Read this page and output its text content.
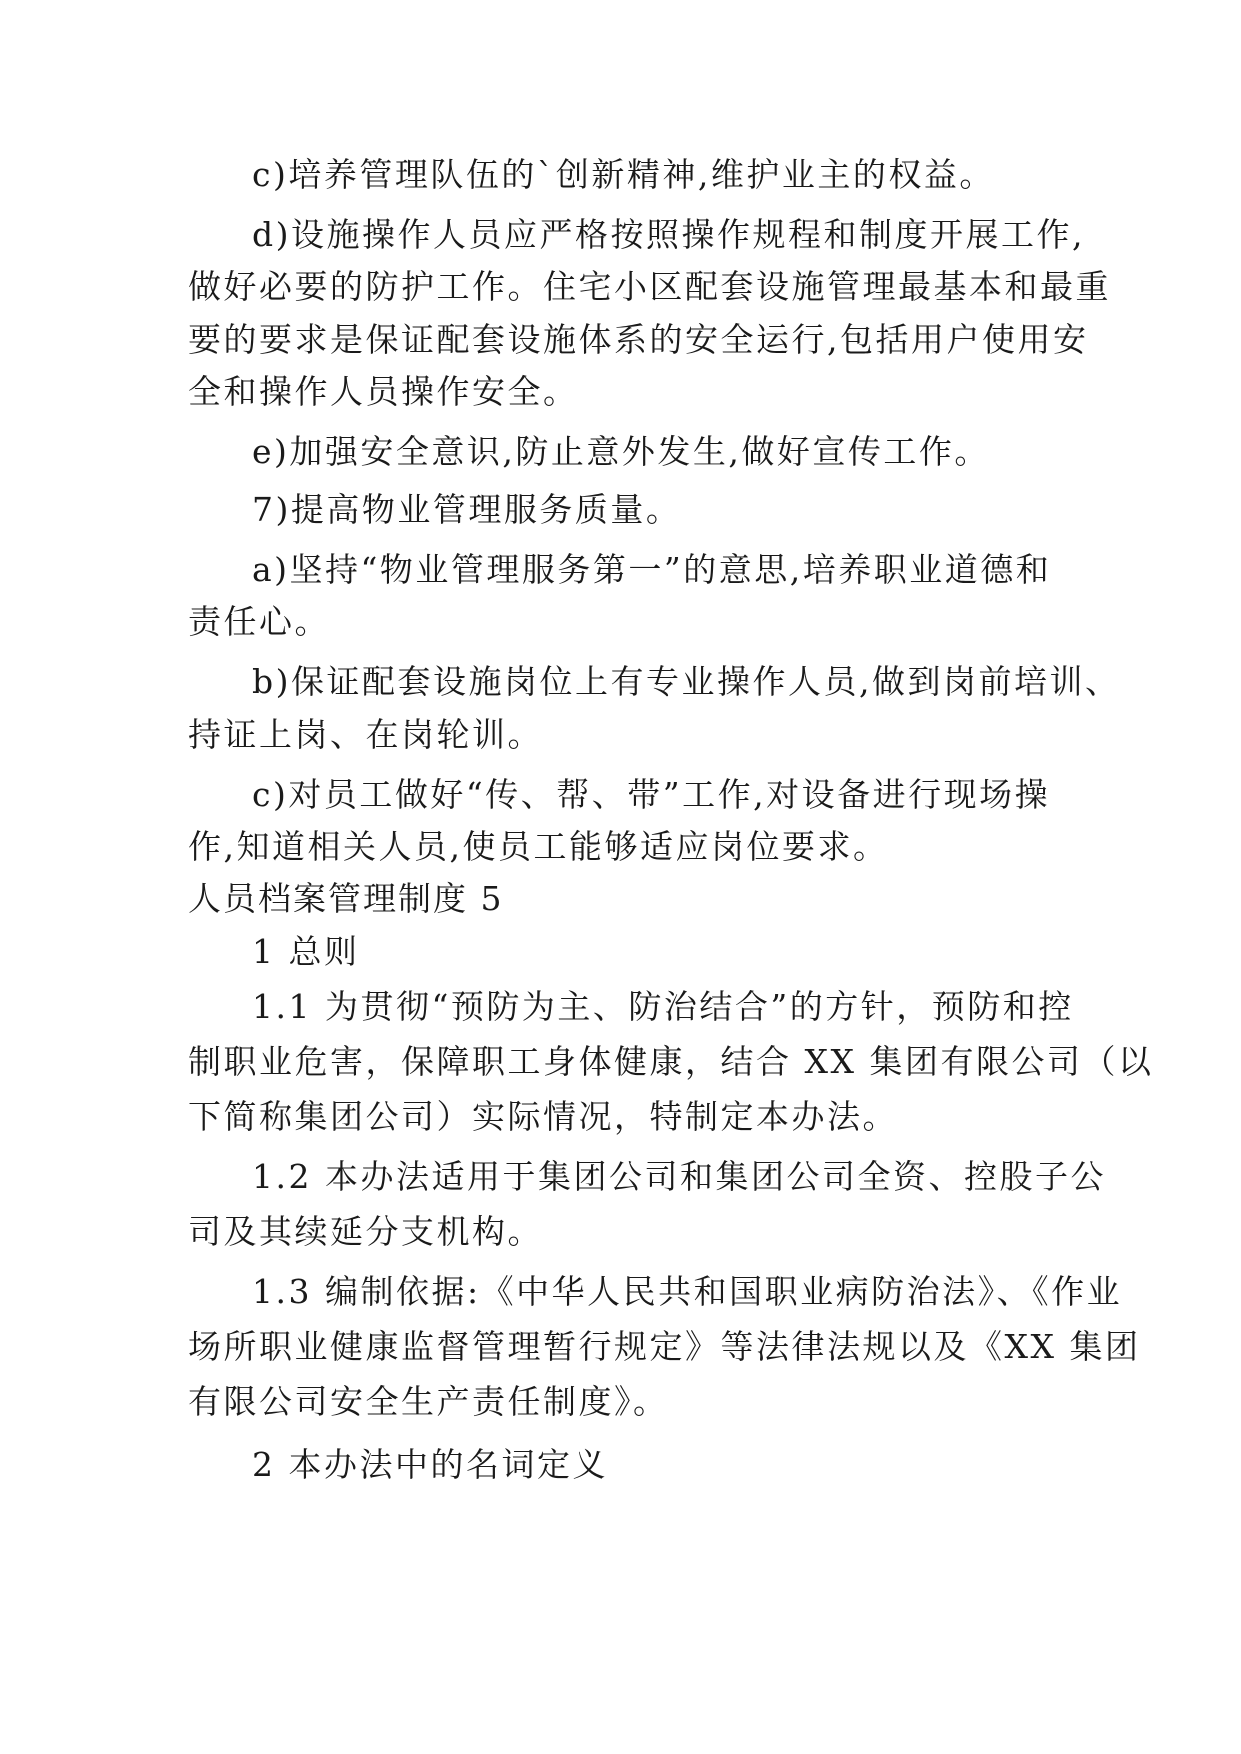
c)培养管理队伍的`创新精神,维护业主的权益。
d)设施操作人员应严格按照操作规程和制度开展工作,
做好必要的防护工作。住宅小区配套设施管理最基本和最重
要的要求是保证配套设施体系的安全运行,包括用户使用安
全和操作人员操作安全。
e)加强安全意识,防止意外发生,做好宣传工作。
7)提高物业管理服务质量。
a)坚持“物业管理服务第一”的意思,培养职业道德和
责任心。
b)保证配套设施岗位上有专业操作人员,做到岗前培训、
持证上岗、在岗轮训。
c)对员工做好“传、帮、带”工作,对设备进行现场操
作,知道相关人员,使员工能够适应岗位要求。
人员档案管理制度 5
1 总则
1.1 为贯彻“预防为主、防治结合”的方针，预防和控
制职业危害，保障职工身体健康，结合 XX 集团有限公司（以
下简称集团公司）实际情况，特制定本办法。
1.2 本办法适用于集团公司和集团公司全资、控股子公
司及其续延分支机构。
1.3 编制依据:《中华人民共和国职业病防治法》、《作业
场所职业健康监督管理暂行规定》等法律法规以及《XX 集团
有限公司安全生产责任制度》。
2 本办法中的名词定义
